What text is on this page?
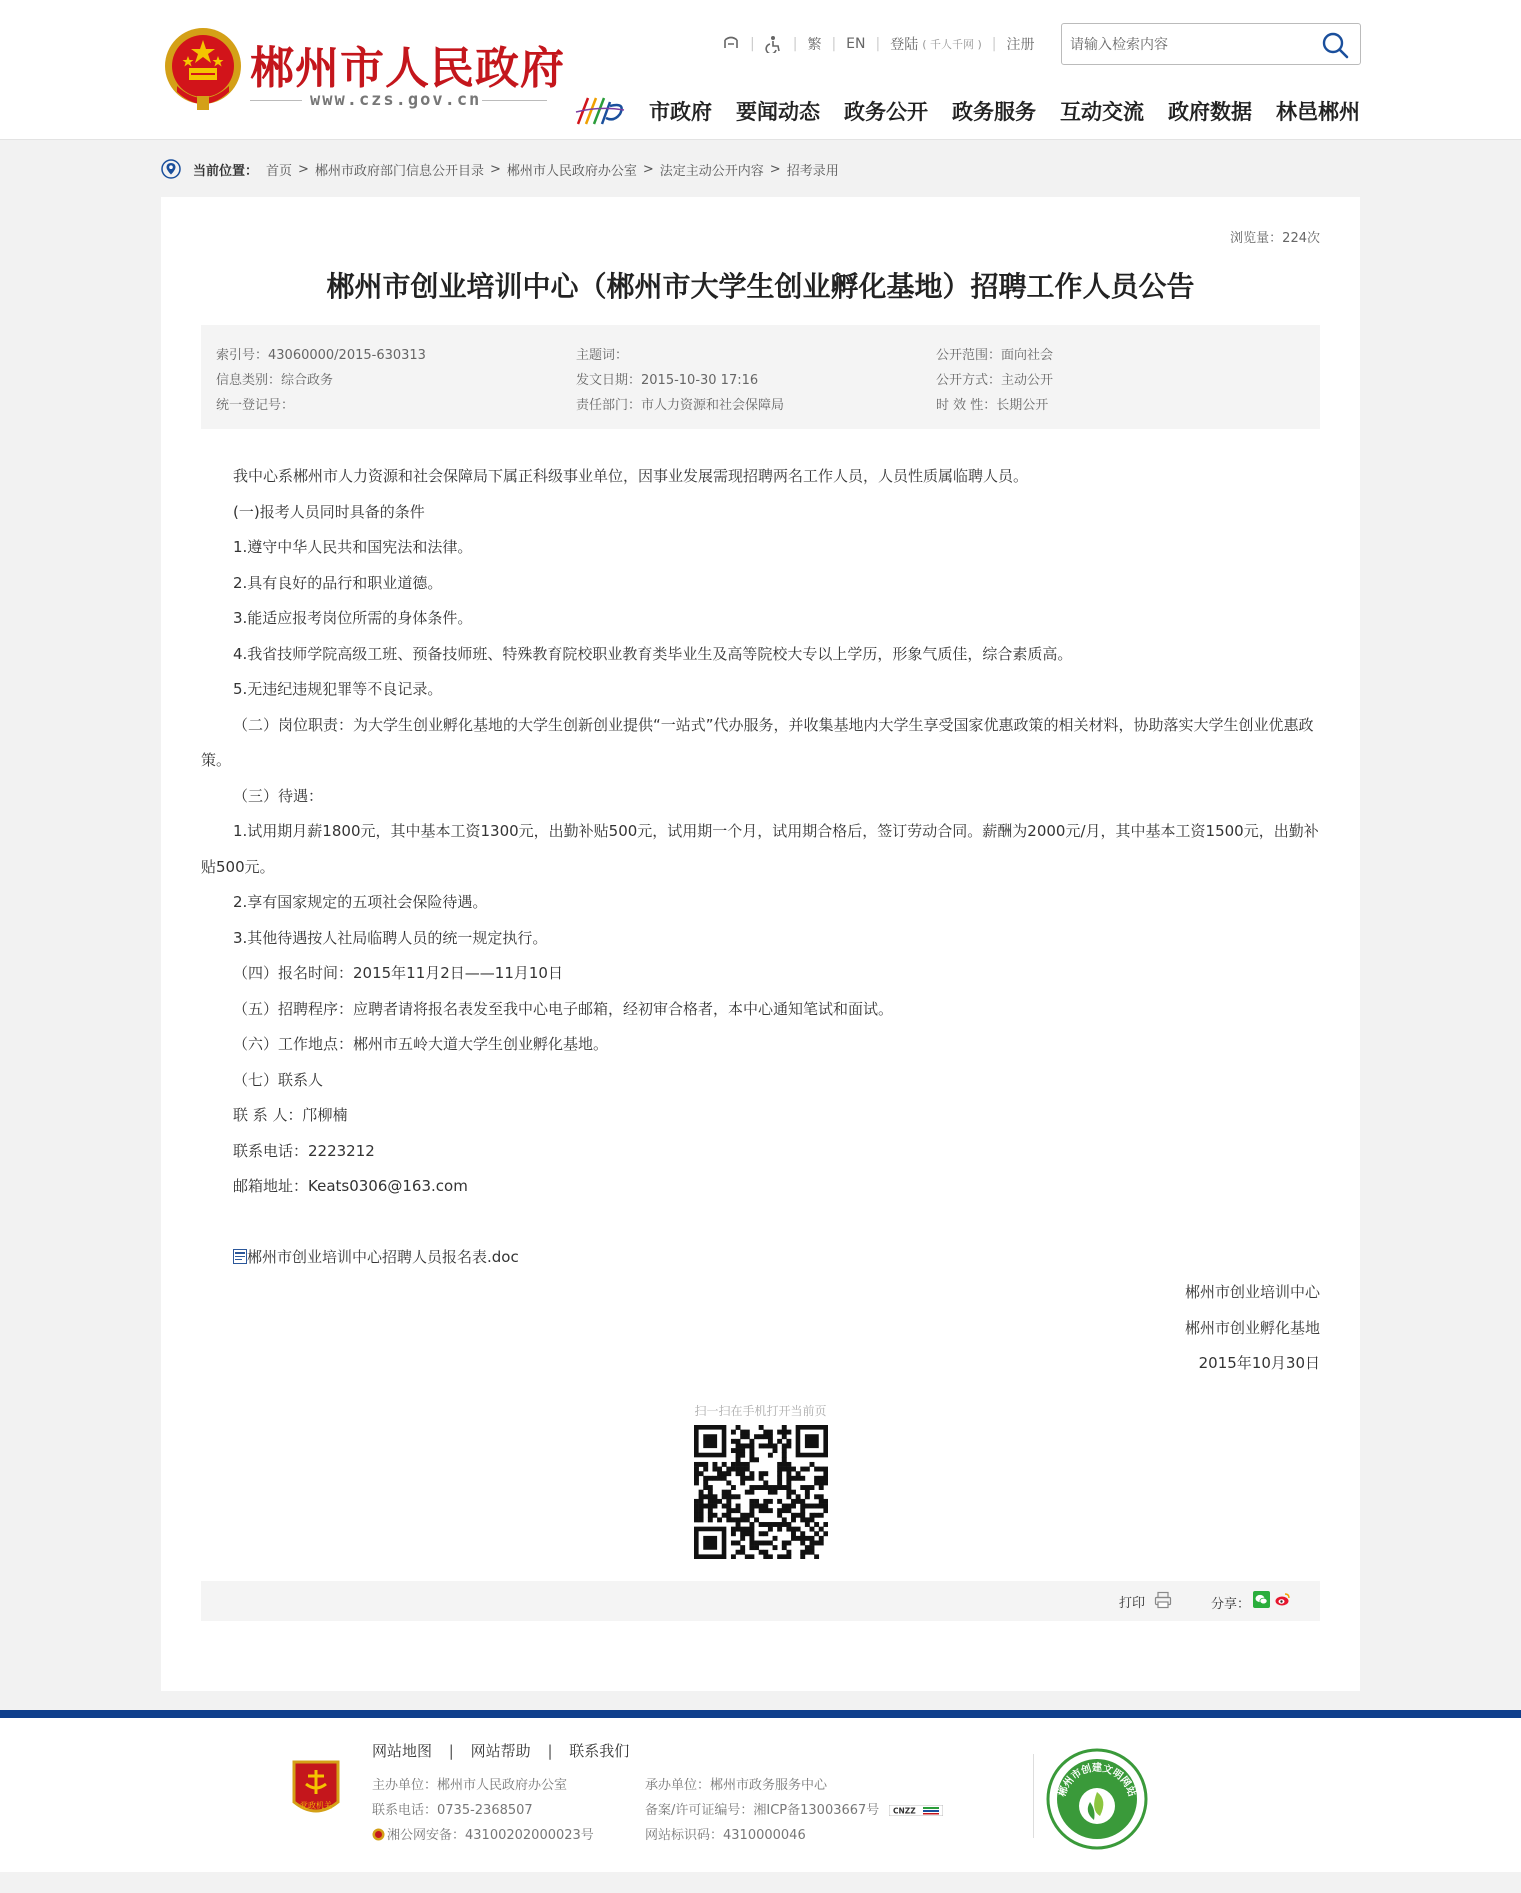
郴州市人民政府
www.czs.gov.cn
|	| 繁 | EN | 登陆 ( 千人千网 ) | 注册
请输入检索内容
市政府 要闻动态 政务公开 政务服务 互动交流 政府数据 林邑郴州
当前位置： 首页 > 郴州市政府部门信息公开目录 > 郴州市人民政府办公室 > 法定主动公开内容 > 招考录用
浏览量：224次
郴州市创业培训中心（郴州市大学生创业孵化基地）招聘工作人员公告
索引号：43060000/2015-630313
信息类别：综合政务
统一登记号：
主题词：
发文日期：2015-10-30 17:16
责任部门：市人力资源和社会保障局
公开范围：面向社会
公开方式：主动公开
时 效 性：长期公开

我中心系郴州市人力资源和社会保障局下属正科级事业单位，因事业发展需现招聘两名工作人员，人员性质属临聘人员。

(一)报考人员同时具备的条件

1.遵守中华人民共和国宪法和法律。

2.具有良好的品行和职业道德。

3.能适应报考岗位所需的身体条件。

4.我省技师学院高级工班、预备技师班、特殊教育院校职业教育类毕业生及高等院校大专以上学历，形象气质佳，综合素质高。

5.无违纪违规犯罪等不良记录。

（二）岗位职责：为大学生创业孵化基地的大学生创新创业提供“一站式”代办服务，并收集基地内大学生享受国家优惠政策的相关材料，协助落实大学生创业优惠政策。

（三）待遇：

1.试用期月薪1800元，其中基本工资1300元，出勤补贴500元，试用期一个月，试用期合格后，签订劳动合同。薪酬为2000元/月，其中基本工资1500元，出勤补贴500元。

2.享有国家规定的五项社会保险待遇。

3.其他待遇按人社局临聘人员的统一规定执行。

（四）报名时间：2015年11月2日——11月10日

（五）招聘程序：应聘者请将报名表发至我中心电子邮箱，经初审合格者，本中心通知笔试和面试。

（六）工作地点：郴州市五岭大道大学生创业孵化基地。

（七）联系人

联 系 人：邝柳楠

联系电话：2223212

邮箱地址：Keats0306@163.com

郴州市创业培训中心招聘人员报名表.doc

郴州市创业培训中心

郴州市创业孵化基地

2015年10月30日

扫一扫在手机打开当前页
打印	分享：
党政机关
网站地图 | 网站帮助 | 联系我们
主办单位：郴州市人民政府办公室
联系电话：0735-2368507
湘公网安备：43100202000023号
承办单位：郴州市政务服务中心
备案/许可证编号：湘ICP备13003667号 CNZZ
网站标识码：4310000046
郴州市创建文明网站
